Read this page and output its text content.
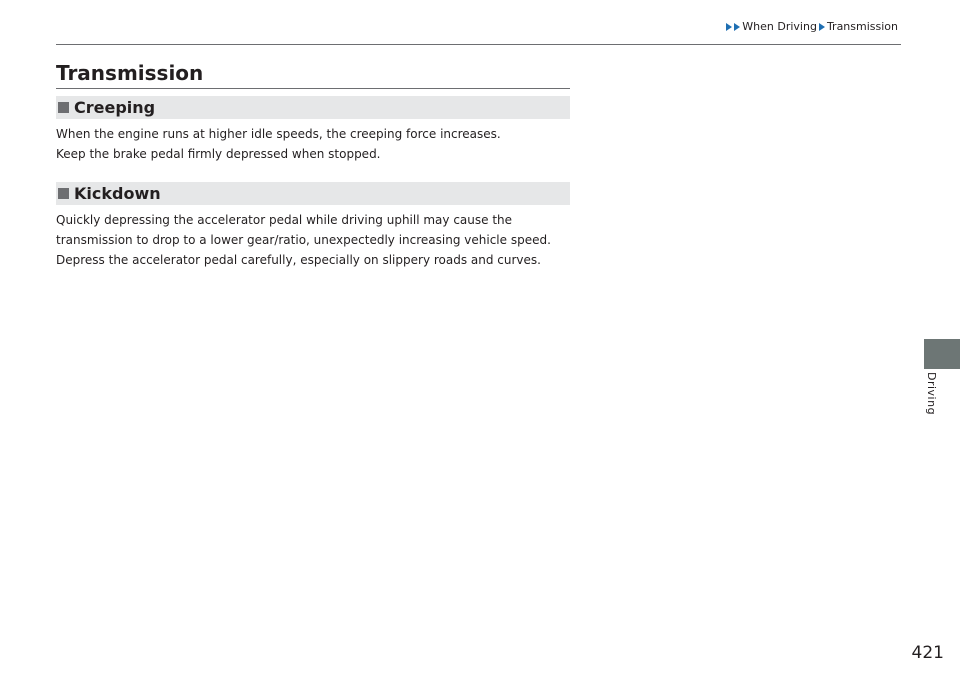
When Driving Transmission
Transmission
Creeping

When the engine runs at higher idle speeds, the creeping force increases.
Keep the brake pedal firmly depressed when stopped.

Kickdown

Quickly depressing the accelerator pedal while driving uphill may cause the
transmission to drop to a lower gear/ratio, unexpectedly increasing vehicle speed.
Depress the accelerator pedal carefully, especially on slippery roads and curves.

Driving
421
